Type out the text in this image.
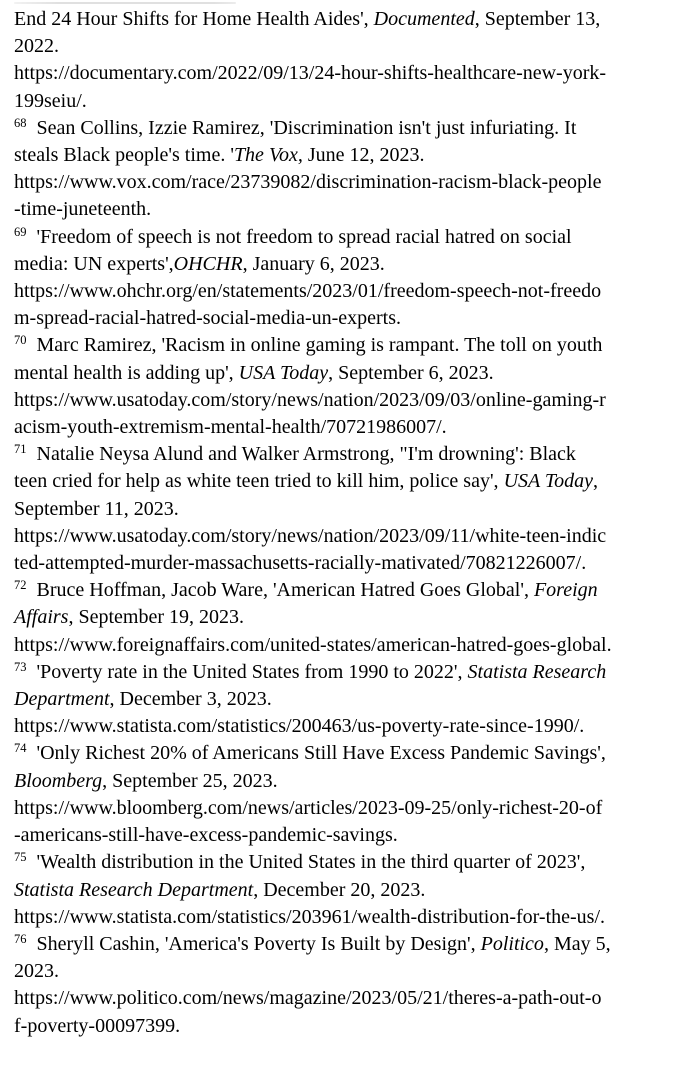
End 24 Hour Shifts for Home Health Aides', Documented, September 13,
2022.
https://documentary.com/2022/09/13/24-hour-shifts-healthcare-new-york-
199seiu/.

$^{68}$  Sean Collins, Izzie Ramirez, 'Discrimination isn't just infuriating. It
steals Black people's time. 'The Vox, June 12, 2023.
https://www.vox.com/race/23739082/discrimination-racism-black-people
-time-juneteenth.

$^{69}$  'Freedom of speech is not freedom to spread racial hatred on social
media: UN experts',OHCHR, January 6, 2023.
https://www.ohchr.org/en/statements/2023/01/freedom-speech-not-freedo
m-spread-racial-hatred-social-media-un-experts.

$^{70}$  Marc Ramirez, 'Racism in online gaming is rampant. The toll on youth
mental health is adding up', USA Today, September 6, 2023.
https://www.usatoday.com/story/news/nation/2023/09/03/online-gaming-r
acism-youth-extremism-mental-health/70721986007/.

$^{71}$  Natalie Neysa Alund and Walker Armstrong, "I'm drowning': Black
teen cried for help as white teen tried to kill him, police say', USA Today,
September 11, 2023.
https://www.usatoday.com/story/news/nation/2023/09/11/white-teen-indic
ted-attempted-murder-massachusetts-racially-mativated/70821226007/.

$^{72}$  Bruce Hoffman, Jacob Ware, 'American Hatred Goes Global', Foreign
Affairs, September 19, 2023.
https://www.foreignaffairs.com/united-states/american-hatred-goes-global.

$^{73}$  'Poverty rate in the United States from 1990 to 2022', Statista Research
Department, December 3, 2023.
https://www.statista.com/statistics/200463/us-poverty-rate-since-1990/.

$^{74}$  'Only Richest 20% of Americans Still Have Excess Pandemic Savings',
Bloomberg, September 25, 2023.
https://www.bloomberg.com/news/articles/2023-09-25/only-richest-20-of
-americans-still-have-excess-pandemic-savings.

$^{75}$  'Wealth distribution in the United States in the third quarter of 2023',
Statista Research Department, December 20, 2023.
https://www.statista.com/statistics/203961/wealth-distribution-for-the-us/.

$^{76}$  Sheryll Cashin, 'America's Poverty Is Built by Design', Politico, May 5,
2023.
https://www.politico.com/news/magazine/2023/05/21/theres-a-path-out-o
f-poverty-00097399.
